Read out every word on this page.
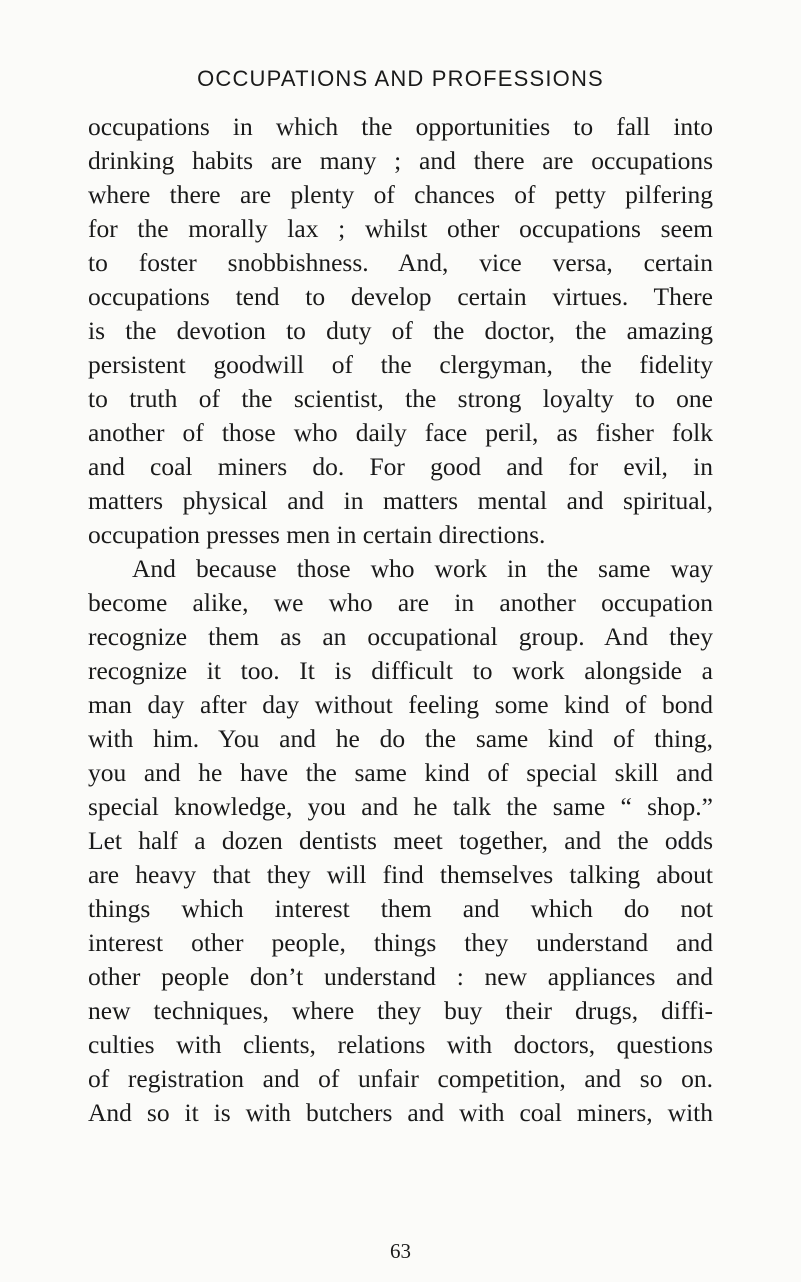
OCCUPATIONS AND PROFESSIONS
occupations in which the opportunities to fall into
drinking habits are many ; and there are occupations
where there are plenty of chances of petty pilfering
for the morally lax ; whilst other occupations seem
to foster snobbishness. And, vice versa, certain
occupations tend to develop certain virtues. There
is the devotion to duty of the doctor, the amazing
persistent goodwill of the clergyman, the fidelity
to truth of the scientist, the strong loyalty to one
another of those who daily face peril, as fisher folk
and coal miners do. For good and for evil, in
matters physical and in matters mental and spiritual,
occupation presses men in certain directions.
And because those who work in the same way
become alike, we who are in another occupation
recognize them as an occupational group. And they
recognize it too. It is difficult to work alongside a
man day after day without feeling some kind of bond
with him. You and he do the same kind of thing,
you and he have the same kind of special skill and
special knowledge, you and he talk the same “ shop.”
Let half a dozen dentists meet together, and the odds
are heavy that they will find themselves talking about
things which interest them and which do not
interest other people, things they understand and
other people don’t understand : new appliances and
new techniques, where they buy their drugs, diffi-
culties with clients, relations with doctors, questions
of registration and of unfair competition, and so on.
And so it is with butchers and with coal miners, with
63
